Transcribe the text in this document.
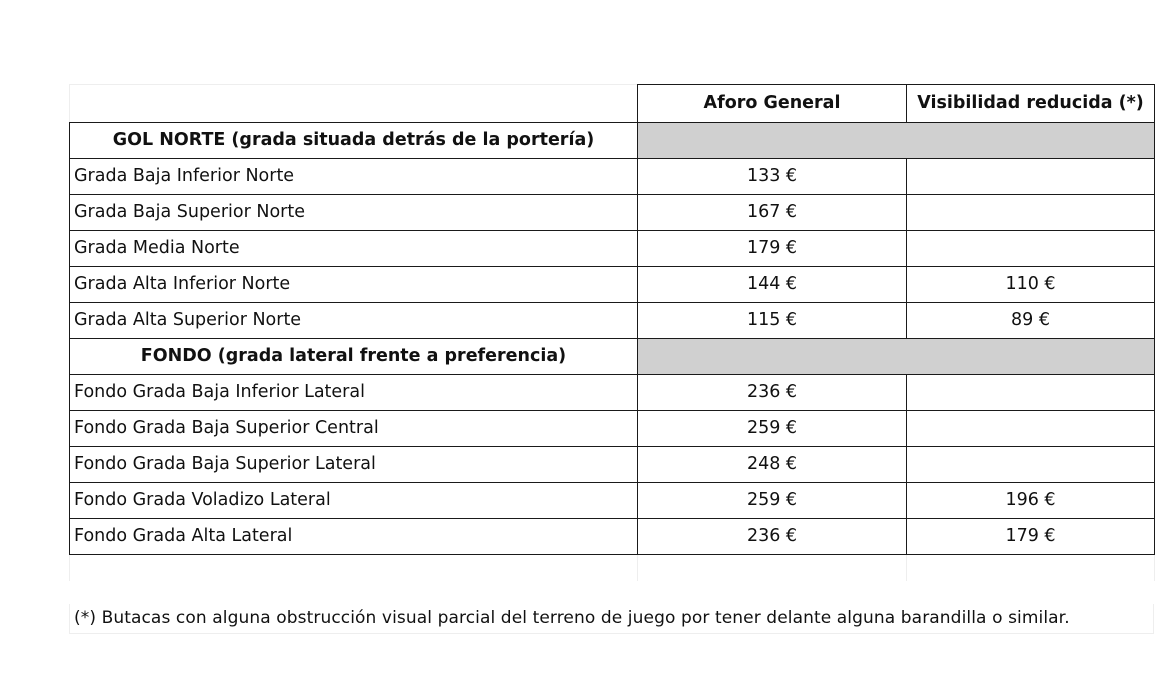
	Aforo General	Visibilidad reducida (*)
GOL NORTE (grada situada detrás de la portería)		
Grada Baja Inferior Norte	133 €	
Grada Baja Superior Norte	167 €	
Grada Media Norte	179 €	
Grada Alta Inferior Norte	144 €	110 €
Grada Alta Superior Norte	115 €	89 €
FONDO (grada lateral frente a preferencia)		
Fondo Grada Baja Inferior Lateral	236 €	
Fondo Grada Baja Superior Central	259 €	
Fondo Grada Baja Superior Lateral	248 €	
Fondo Grada Voladizo Lateral	259 €	196 €
Fondo Grada Alta Lateral	236 €	179 €

(*) Butacas con alguna obstrucción visual parcial del terreno de juego por tener delante alguna barandilla o similar.
